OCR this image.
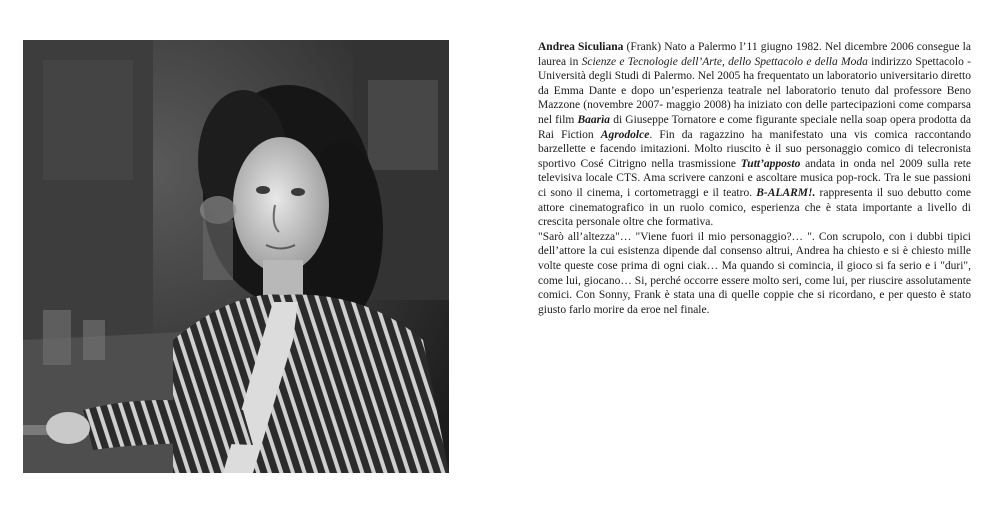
Andrea Siculiana (Frank) Nato a Palermo l’11 giugno 1982. Nel dicembre 2006 consegue la laurea in Scienze e Tecnologie dell’Arte, dello Spettacolo e della Moda indirizzo Spettacolo - Università degli Studi di Palermo. Nel 2005 ha frequentato un laboratorio universitario diretto da Emma Dante e dopo un’esperienza teatrale nel laboratorio tenuto dal professore Beno Mazzone (novembre 2007- maggio 2008) ha iniziato con delle partecipazioni come comparsa nel film Baarìa di Giuseppe Tornatore e come figurante speciale nella soap opera prodotta da Rai Fiction Agrodolce. Fin da ragazzino ha manifestato una vis comica raccontando barzellette e facendo imitazioni. Molto riuscito è il suo personaggio comico di telecronista sportivo Cosé Citrigno nella trasmissione Tutt’apposto andata in onda nel 2009 sulla rete televisiva locale CTS. Ama scrivere canzoni e ascoltare musica pop-rock. Tra le sue passioni ci sono il cinema, i cortometraggi e il teatro. B-ALARM!. rappresenta il suo debutto come attore cinematografico in un ruolo comico, esperienza che è stata importante a livello di crescita personale oltre che formativa.

"Sarò all’altezza"… "Viene fuori il mio personaggio?… ". Con scrupolo, con i dubbi tipici dell’attore la cui esistenza dipende dal consenso altrui, Andrea ha chiesto e si è chiesto mille volte queste cose prima di ogni ciak… Ma quando si comincia, il gioco si fa serio e i "duri", come lui, giocano… Si, perché occorre essere molto seri, come lui, per riuscire assolutamente comici. Con Sonny, Frank è stata una di quelle coppie che si ricordano, e per questo è stato giusto farlo morire da eroe nel finale.
